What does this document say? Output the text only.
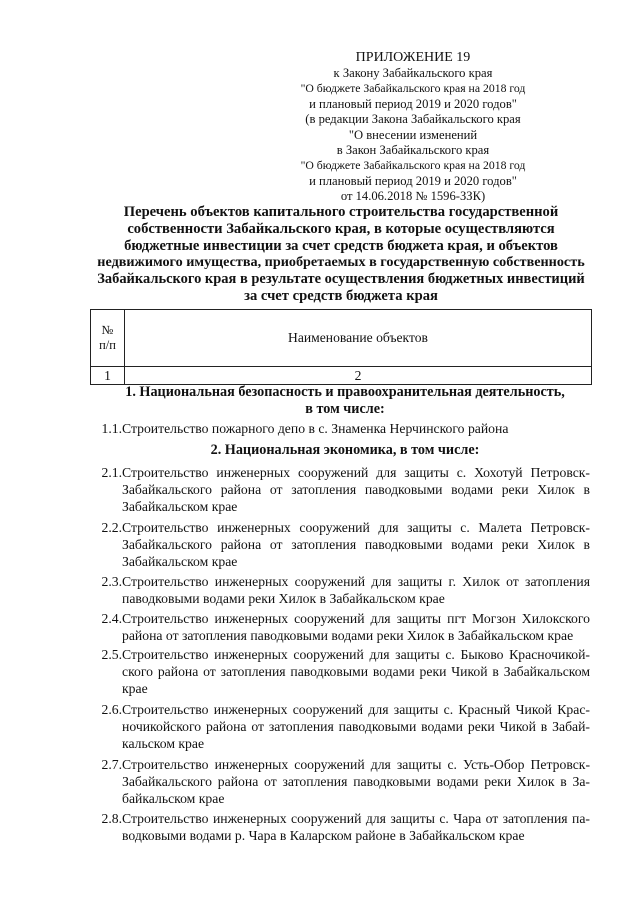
ПРИЛОЖЕНИЕ 19
к Закону Забайкальского края
"О бюджете Забайкальского края на 2018 год
и плановый период 2019 и 2020 годов"
(в редакции Закона Забайкальского края
"О внесении изменений
в Закон Забайкальского края
"О бюджете Забайкальского края на 2018 год
и плановый период 2019 и 2020 годов"
от 14.06.2018 № 1596-ЗЗК)
Перечень объектов капитального строительства государственной
собственности Забайкальского края, в которые осуществляются
бюджетные инвестиции за счет средств бюджета края, и объектов
недвижимого имущества, приобретаемых в государственную собственность
Забайкальского края в результате осуществления бюджетных инвестиций
за счет средств бюджета края
№
п/п	Наименование объектов
1	2
1. Национальная безопасность и правоохранительная деятельность,
в том числе:
1.1. Строительство пожарного депо в с. Знаменка Нерчинского района
2. Национальная экономика, в том числе:
2.1. Строительство инженерных сооружений для защиты с. Хохотуй Петровск-
Забайкальского района от затопления паводковыми водами реки Хилок в
Забайкальском крае
2.2. Строительство инженерных сооружений для защиты с. Малета Петровск-
Забайкальского района от затопления паводковыми водами реки Хилок в
Забайкальском крае
2.3. Строительство инженерных сооружений для защиты г. Хилок от затопления
паводковыми водами реки Хилок в Забайкальском крае
2.4. Строительство инженерных сооружений для защиты пгт Могзон Хилокского
района от затопления паводковыми водами реки Хилок в Забайкальском крае
2.5. Строительство инженерных сооружений для защиты с. Быково Красночикой-
ского района от затопления паводковыми водами реки Чикой в Забайкальском
крае
2.6. Строительство инженерных сооружений для защиты с. Красный Чикой Крас-
ночикойского района от затопления паводковыми водами реки Чикой в Забай-
кальском крае
2.7. Строительство инженерных сооружений для защиты с. Усть-Обор Петровск-
Забайкальского района от затопления паводковыми водами реки Хилок в За-
байкальском крае
2.8. Строительство инженерных сооружений для защиты с. Чара от затопления па-
водковыми водами р. Чара в Каларском районе в Забайкальском крае
